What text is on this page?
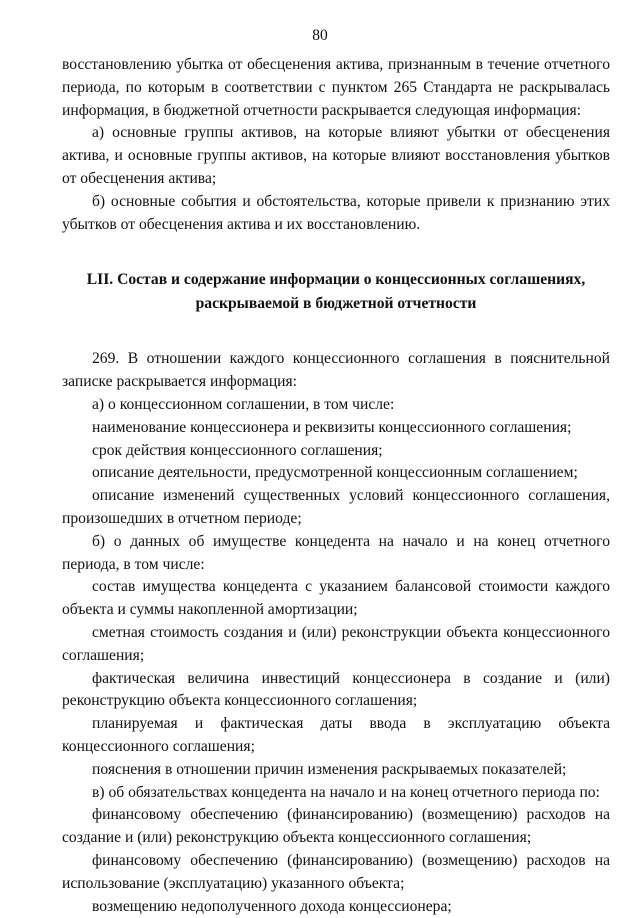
80

восстановлению убытка от обесценения актива, признанным в течение отчетного периода, по которым в соответствии с пунктом 265 Стандарта не раскрывалась информация, в бюджетной отчетности раскрывается следующая информация:

а) основные группы активов, на которые влияют убытки от обесценения актива, и основные группы активов, на которые влияют восстановления убытков от обесценения актива;

б) основные события и обстоятельства, которые привели к признанию этих убытков от обесценения актива и их восстановлению.

LII. Состав и содержание информации о концессионных соглашениях,
раскрываемой в бюджетной отчетности

269. В отношении каждого концессионного соглашения в пояснительной записке раскрывается информация:

а) о концессионном соглашении, в том числе:

наименование концессионера и реквизиты концессионного соглашения;

срок действия концессионного соглашения;

описание деятельности, предусмотренной концессионным соглашением;

описание изменений существенных условий концессионного соглашения, произошедших в отчетном периоде;

б) о данных об имуществе концедента на начало и на конец отчетного периода, в том числе:

состав имущества концедента с указанием балансовой стоимости каждого объекта и суммы накопленной амортизации;

сметная стоимость создания и (или) реконструкции объекта концессионного соглашения;

фактическая величина инвестиций концессионера в создание и (или) реконструкцию объекта концессионного соглашения;

планируемая и фактическая даты ввода в эксплуатацию объекта концессионного соглашения;

пояснения в отношении причин изменения раскрываемых показателей;

в) об обязательствах концедента на начало и на конец отчетного периода по:

финансовому обеспечению (финансированию) (возмещению) расходов на создание и (или) реконструкцию объекта концессионного соглашения;

финансовому обеспечению (финансированию) (возмещению) расходов на использование (эксплуатацию) указанного объекта;

возмещению недополученного дохода концессионера;
